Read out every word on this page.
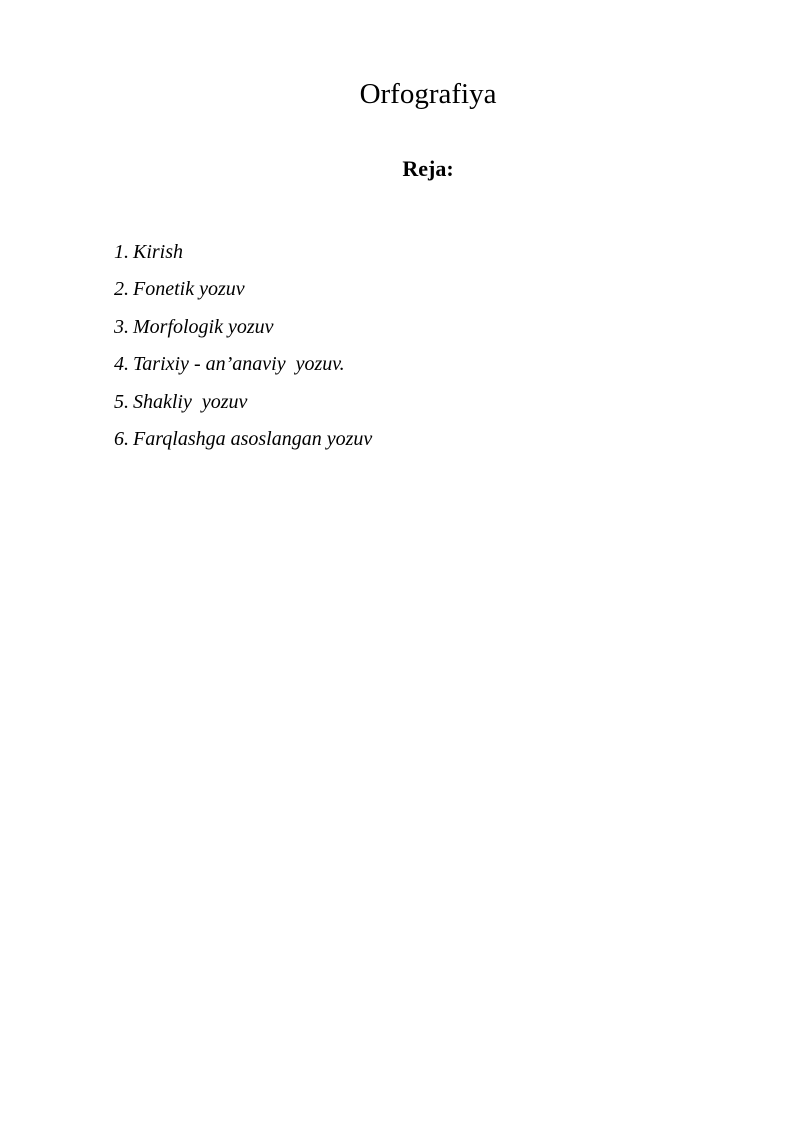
Orfografiya
Reja:
1. Kirish
2. Fonetik yozuv
3. Morfologik yozuv
4. Tarixiy - an’anaviy  yozuv.
5. Shakliy  yozuv
6. Farqlashga asoslangan yozuv
